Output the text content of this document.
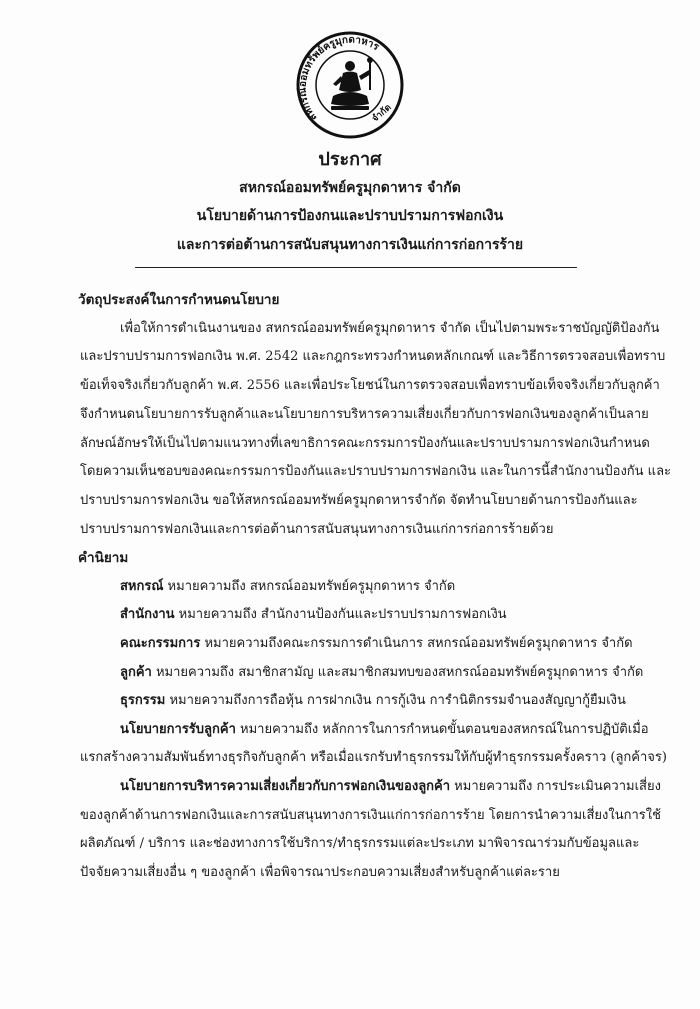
สหกรณ์ออมทรัพย์ครูมุกดาหาร
จำกัด
ประกาศ
สหกรณ์ออมทรัพย์ครูมุกดาหาร จำกัด
นโยบายด้านการป้องกนและปราบปรามการฟอกเงิน
และการต่อต้านการสนับสนุนทางการเงินแก่การก่อการร้าย
วัตถุประสงค์ในการกำหนดนโยบาย
เพื่อให้การดำเนินงานของ สหกรณ์ออมทรัพย์ครูมุกดาหาร จำกัด เป็นไปตามพระราชบัญญัติป้องกัน
และปราบปรามการฟอกเงิน พ.ศ. 2542 และกฎกระทรวงกำหนดหลักเกณฑ์ และวิธีการตรวจสอบเพื่อทราบ
ข้อเท็จจริงเกี่ยวกับลูกค้า พ.ศ. 2556 และเพื่อประโยชน์ในการตรวจสอบเพื่อทราบข้อเท็จจริงเกี่ยวกับลูกค้า
จึงกำหนดนโยบายการรับลูกค้าและนโยบายการบริหารความเสี่ยงเกี่ยวกับการฟอกเงินของลูกค้าเป็นลาย
ลักษณ์อักษรให้เป็นไปตามแนวทางที่เลขาธิการคณะกรรมการป้องกันและปราบปรามการฟอกเงินกำหนด
โดยความเห็นชอบของคณะกรรมการป้องกันและปราบปรามการฟอกเงิน และในการนี้สำนักงานป้องกัน และ
ปราบปรามการฟอกเงิน ขอให้สหกรณ์ออมทรัพย์ครูมุกดาหารจำกัด จัดทำนโยบายด้านการป้องกันและ
ปราบปรามการฟอกเงินและการต่อต้านการสนับสนุนทางการเงินแก่การก่อการร้ายด้วย
คำนิยาม
สหกรณ์ หมายความถึง สหกรณ์ออมทรัพย์ครูมุกดาหาร จำกัด
สำนักงาน หมายความถึง สำนักงานป้องกันและปราบปรามการฟอกเงิน
คณะกรรมการ หมายความถึงคณะกรรมการดำเนินการ สหกรณ์ออมทรัพย์ครูมุกดาหาร จำกัด
ลูกค้า หมายความถึง สมาชิกสามัญ และสมาชิกสมทบของสหกรณ์ออมทรัพย์ครูมุกดาหาร จำกัด
ธุรกรรม หมายความถึงการถือหุ้น การฝากเงิน การกู้เงิน การำนิติกรรมจำนองสัญญากู้ยืมเงิน
นโยบายการรับลูกค้า หมายความถึง หลักการในการกำหนดขั้นตอนของสหกรณ์ในการปฏิบัติเมื่อ
แรกสร้างความสัมพันธ์ทางธุรกิจกับลูกค้า หรือเมื่อแรกรับทำธุรกรรมให้กับผู้ทำธุรกรรมครั้งคราว (ลูกค้าจร)
นโยบายการบริหารความเสี่ยงเกี่ยวกับการฟอกเงินของลูกค้า หมายความถึง การประเมินความเสี่ยง
ของลูกค้าด้านการฟอกเงินและการสนับสนุนทางการเงินแก่การก่อการร้าย โดยการนำความเสี่ยงในการใช้
ผลิตภัณฑ์ / บริการ และช่องทางการใช้บริการ/ทำธุรกรรมแต่ละประเภท มาพิจารณาร่วมกับข้อมูลและ
ปัจจัยความเสี่ยงอื่น ๆ ของลูกค้า เพื่อพิจารณาประกอบความเสี่ยงสำหรับลูกค้าแต่ละราย
